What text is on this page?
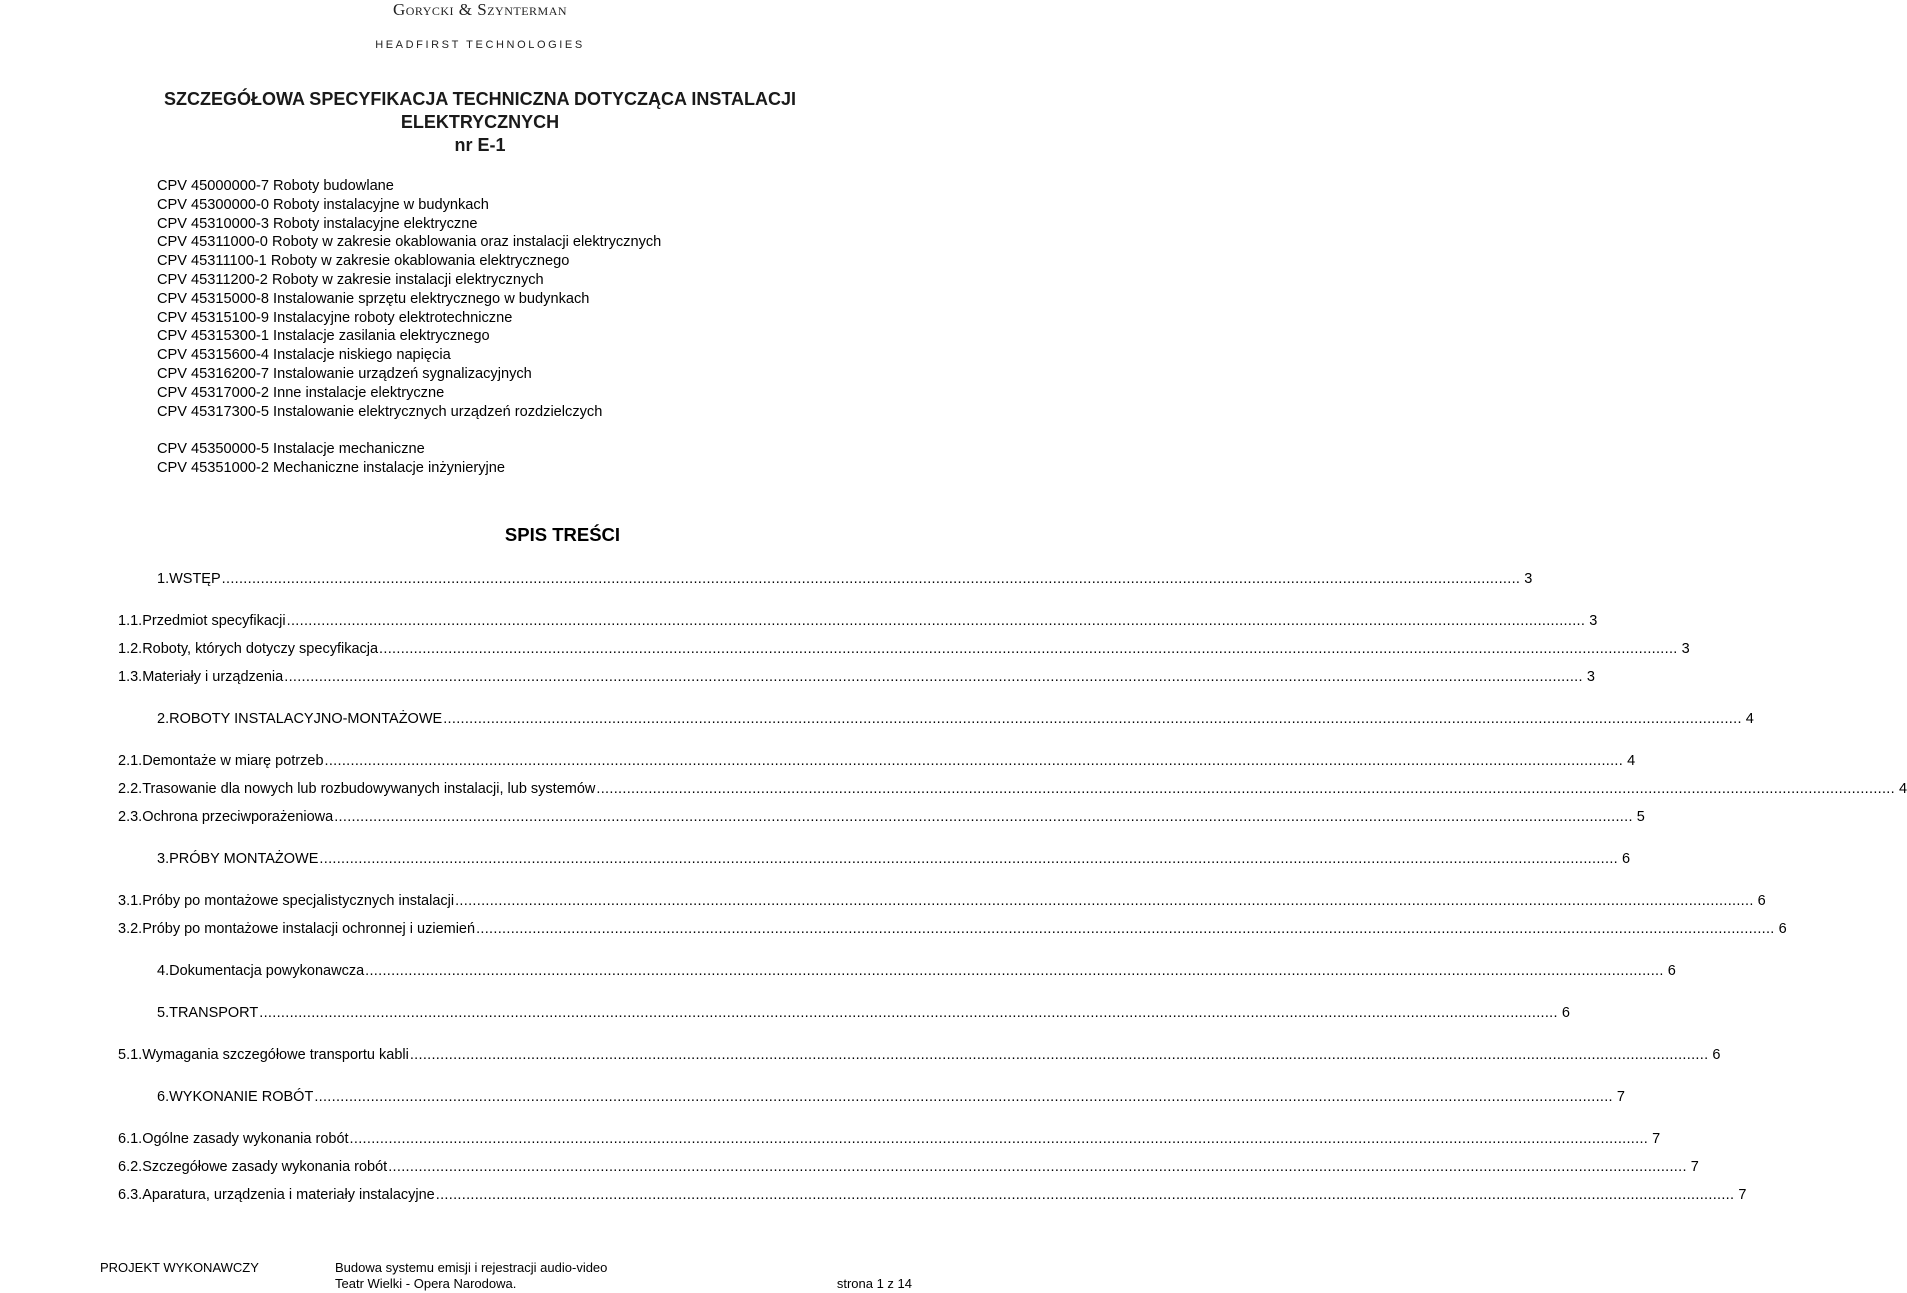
Gorycki & Szynterman
HEADFIRST TECHNOLOGIES
SZCZEGÓŁOWA SPECYFIKACJA TECHNICZNA DOTYCZĄCA INSTALACJI
ELEKTRYCZNYCH
nr E-1
CPV 45000000-7 Roboty budowlane
CPV 45300000-0 Roboty instalacyjne w budynkach
CPV 45310000-3 Roboty instalacyjne elektryczne
CPV 45311000-0 Roboty w zakresie okablowania oraz instalacji elektrycznych
CPV 45311100-1 Roboty w zakresie okablowania elektrycznego
CPV 45311200-2 Roboty w zakresie instalacji elektrycznych
CPV 45315000-8 Instalowanie sprzętu elektrycznego w budynkach
CPV 45315100-9 Instalacyjne roboty elektrotechniczne
CPV 45315300-1 Instalacje zasilania elektrycznego
CPV 45315600-4 Instalacje niskiego napięcia
CPV 45316200-7 Instalowanie urządzeń sygnalizacyjnych
CPV 45317000-2 Inne instalacje elektryczne
CPV 45317300-5 Instalowanie elektrycznych urządzeń rozdzielczych
CPV 45350000-5 Instalacje mechaniczne
CPV 45351000-2 Mechaniczne instalacje inżynieryjne
SPIS TREŚCI
1. WSTĘP ............................................................................................................................................................................................................................................................................................................ 3
1.1. Przedmiot specyfikacji ............................................................................................................................................................................................................................................................................................................ 3
1.2. Roboty, których dotyczy specyfikacja ............................................................................................................................................................................................................................................................................................................ 3
1.3. Materiały i urządzenia ............................................................................................................................................................................................................................................................................................................ 3
2. ROBOTY INSTALACYJNO-MONTAŻOWE ............................................................................................................................................................................................................................................................................................................ 4
2.1. Demontaże w miarę potrzeb ............................................................................................................................................................................................................................................................................................................ 4
2.2. Trasowanie dla nowych lub rozbudowywanych instalacji, lub systemów ............................................................................................................................................................................................................................................................................................................ 4
2.3. Ochrona przeciwporażeniowa ............................................................................................................................................................................................................................................................................................................ 5
3. PRÓBY MONTAŻOWE ............................................................................................................................................................................................................................................................................................................ 6
3.1. Próby po montażowe specjalistycznych instalacji ............................................................................................................................................................................................................................................................................................................ 6
3.2. Próby po montażowe instalacji ochronnej i uziemień ............................................................................................................................................................................................................................................................................................................ 6
4. Dokumentacja powykonawcza ............................................................................................................................................................................................................................................................................................................ 6
5. TRANSPORT ............................................................................................................................................................................................................................................................................................................ 6
5.1. Wymagania szczegółowe transportu kabli ............................................................................................................................................................................................................................................................................................................ 6
6. WYKONANIE ROBÓT ............................................................................................................................................................................................................................................................................................................ 7
6.1. Ogólne zasady wykonania robót ............................................................................................................................................................................................................................................................................................................ 7
6.2. Szczegółowe zasady wykonania robót ............................................................................................................................................................................................................................................................................................................ 7
6.3. Aparatura, urządzenia i materiały instalacyjne ............................................................................................................................................................................................................................................................................................................ 7
PROJEKT WYKONAWCZY	Budowa systemu emisji i rejestracji audio-video
Teatr Wielki - Opera Narodowa.	strona 1 z 14
